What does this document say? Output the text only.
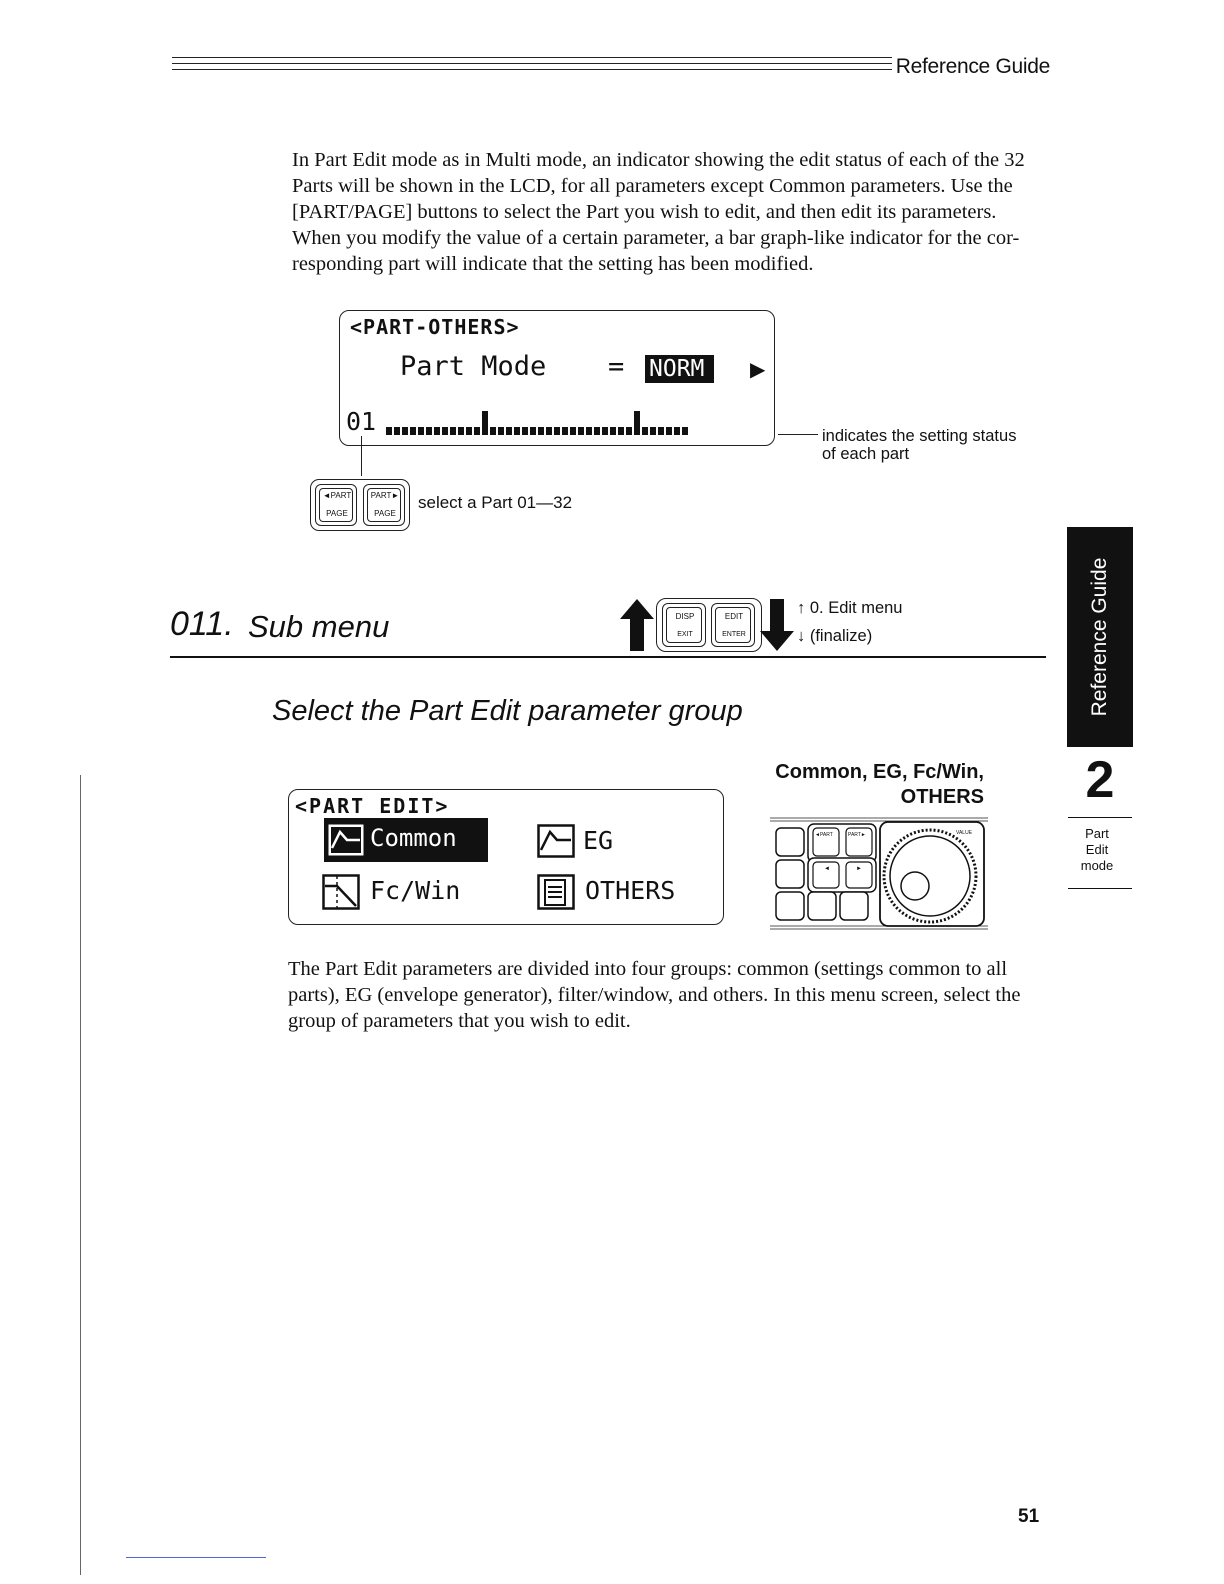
Reference Guide
In Part Edit mode as in Multi mode, an indicator showing the edit status of each of the 32
Parts will be shown in the LCD, for all parameters except Common parameters. Use the
[PART/PAGE] buttons to select the Part you wish to edit, and then edit its parameters.
When you modify the value of a certain parameter, a bar graph-like indicator for the cor-
responding part will indicate that the setting has been modified.
<PART-OTHERS>
Part Mode = NORM	▶
01	indicates the setting status
of each part
◄PART
PAGE
PART►
PAGE
select a Part 01—32
011. Sub menu	DISP
EXIT
EDIT
ENTER
↑ 0. Edit menu
↓ (finalize)
Select the Part Edit parameter group
<PART EDIT>
Common	EG
Fc/Win	OTHERS
Common, EG, Fc/Win,
OTHERS
◄PART	PART►
◄	►
VALUE
The Part Edit parameters are divided into four groups: common (settings common to all
parts), EG (envelope generator), filter/window, and others. In this menu screen, select the
group of parameters that you wish to edit.
Reference Guide
2
Part
Edit
mode
51
